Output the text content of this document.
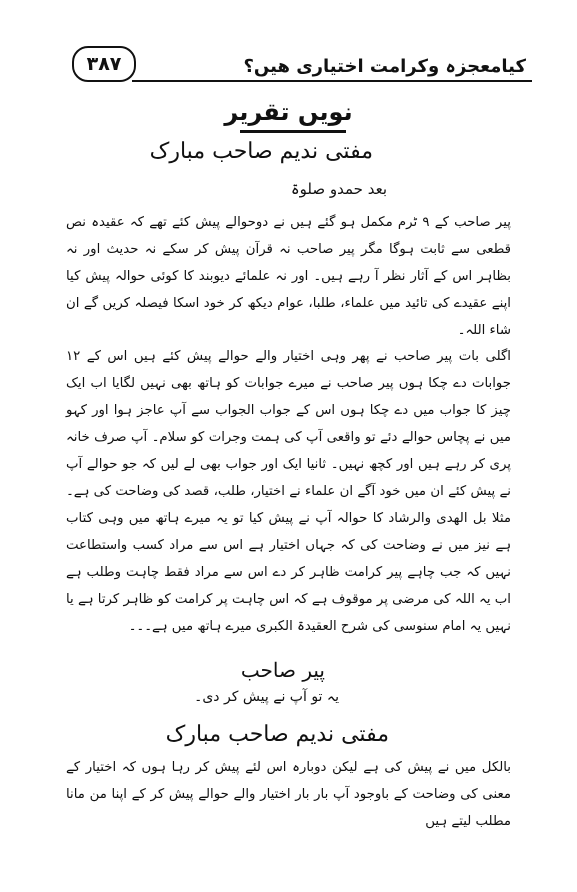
کیامعجزہ وکرامت اختیاری ھیں؟
۳۸۷
نویں تقریر
مفتی ندیم صاحب مبارک
بعد حمدو صلوۃ

پیر صاحب کے ۹ ٹرم مکمل ہو گئے ہیں نے دوحوالے پیش کئے تھے کہ عقیدہ نص قطعی سے ثابت ہوگا مگر پیر صاحب نہ قرآن پیش کر سکے نہ حدیث اور نہ بظاہر اس کے آثار نظر آ رہے ہیں۔ اور نہ علمائے دیوبند کا کوئی حوالہ پیش کیا اپنے عقیدے کی تائید میں علماء، طلبا، عوام دیکھ کر خود اسکا فیصلہ کریں گے ان شاء اللہ۔

اگلی بات پیر صاحب نے پھر وہی اختیار والے حوالے پیش کئے ہیں اس کے ۱۲ جوابات دے چکا ہوں پیر صاحب نے میرے جوابات کو ہاتھ بھی نہیں لگایا اب ایک چیز کا جواب میں دے چکا ہوں اس کے جواب الجواب سے آپ عاجز ہوا اور کہو میں نے پچاس حوالے دئے تو واقعی آپ کی ہمت وجرات کو سلام۔ آپ صرف خانہ پری کر رہے ہیں اور کچھ نہیں۔ ثانیا ایک اور جواب بھی لے لیں کہ جو حوالے آپ نے پیش کئے ان میں خود آگے ان علماء نے اختیار، طلب، قصد کی وضاحت کی ہے۔ مثلا بل الهدی والرشاد کا حوالہ آپ نے پیش کیا تو یہ میرے ہاتھ میں وہی کتاب ہے نیز میں نے وضاحت کی کہ جہاں اختیار ہے اس سے مراد کسب واستطاعت نہیں کہ جب چاہے پیر کرامت ظاہر کر دے اس سے مراد فقط چاہت وطلب ہے اب یہ اللہ کی مرضی پر موقوف ہے کہ اس چاہت پر کرامت کو ظاہر کرتا ہے یا نہیں یہ امام سنوسی کی شرح العقیدۃ الکبری میرے ہاتھ میں ہے۔۔۔

پیر صاحب
یہ تو آپ نے پیش کر دی۔
مفتی ندیم صاحب مبارک

بالکل میں نے پیش کی ہے لیکن دوبارہ اس لئے پیش کر رہا ہوں کہ اختیار کے معنی کی وضاحت کے باوجود آپ بار بار اختیار والے حوالے پیش کر کے اپنا من مانا مطلب لیتے ہیں
